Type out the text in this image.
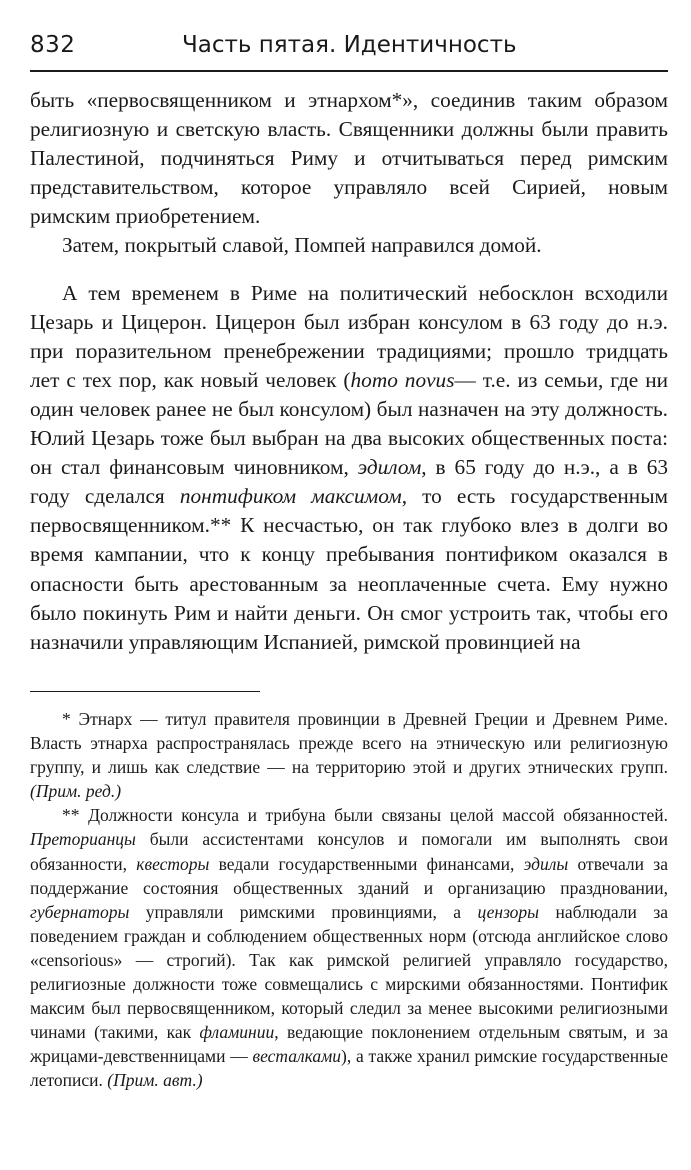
832	Часть пятая. Идентичность

быть «первосвященником и этнархом*», соединив таким образом религиозную и светскую власть. Священники должны были править Палестиной, подчиняться Риму и отчитываться перед римским представительством, которое управляло всей Сирией, новым римским приобретением.

Затем, покрытый славой, Помпей направился домой.

А тем временем в Риме на политический небосклон всходили Цезарь и Цицерон. Цицерон был избран консулом в 63 году до н.э. при поразительном пренебрежении традициями; прошло тридцать лет с тех пор, как новый человек (homo novus— т.е. из семьи, где ни один человек ранее не был консулом) был назначен на эту должность. Юлий Цезарь тоже был выбран на два высоких общественных поста: он стал финансовым чиновником, эдилом, в 65 году до н.э., а в 63 году сделался понтификом максимом, то есть государственным первосвященником.** К несчастью, он так глубоко влез в долги во время кампании, что к концу пребывания понтификом оказался в опасности быть арестованным за неоплаченные счета. Ему нужно было покинуть Рим и найти деньги. Он смог устроить так, чтобы его назначили управляющим Испанией, римской провинцией на

* Этнарх — титул правителя провинции в Древней Греции и Древнем Риме. Власть этнарха распространялась прежде всего на этническую или религиозную группу, и лишь как следствие — на территорию этой и других этнических групп. (Прим. ред.)

** Должности консула и трибуна были связаны целой массой обязанностей. Преторианцы были ассистентами консулов и помогали им выполнять свои обязанности, квесторы ведали государственными финансами, эдилы отвечали за поддержание состояния общественных зданий и организацию праздновании, губернаторы управляли римскими провинциями, а цензоры наблюдали за поведением граждан и соблюдением общественных норм (отсюда английское слово «censorious» — строгий). Так как римской религией управляло государство, религиозные должности тоже совмещались с мирскими обязанностями. Понтифик максим был первосвященником, который следил за менее высокими религиозными чинами (такими, как фламинии, ведающие поклонением отдельным святым, и за жрицами-девственницами — весталками), а также хранил римские государственные летописи. (Прим. авт.)
